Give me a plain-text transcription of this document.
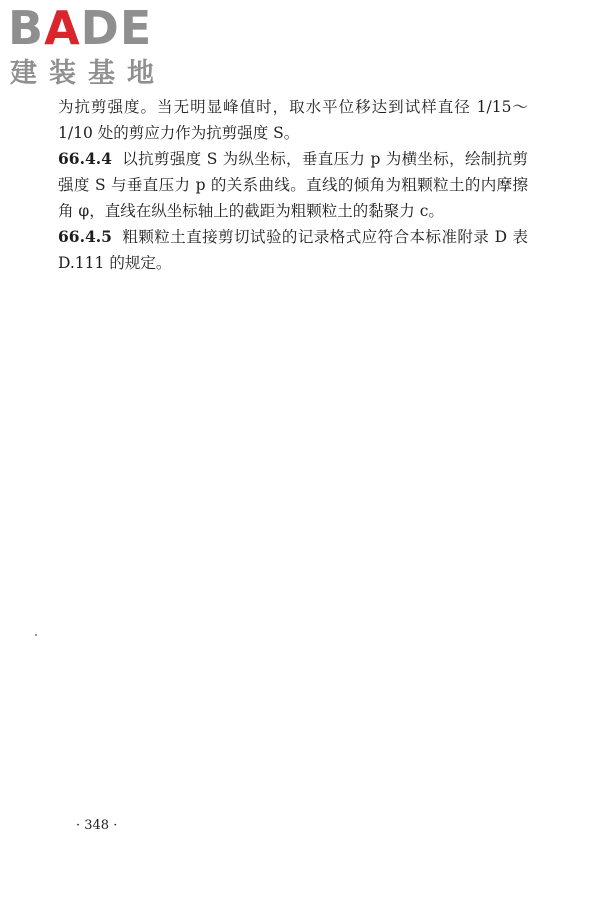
BADE
建装基地

为抗剪强度。当无明显峰值时，取水平位移达到试样直径 1/15～1/10 处的剪应力作为抗剪强度 S。

66.4.4 以抗剪强度 S 为纵坐标，垂直压力 p 为横坐标，绘制抗剪强度 S 与垂直压力 p 的关系曲线。直线的倾角为粗颗粒土的内摩擦角 φ，直线在纵坐标轴上的截距为粗颗粒土的黏聚力 c。

66.4.5 粗颗粒土直接剪切试验的记录格式应符合本标准附录 D 表 D.111 的规定。

· 348 ·
